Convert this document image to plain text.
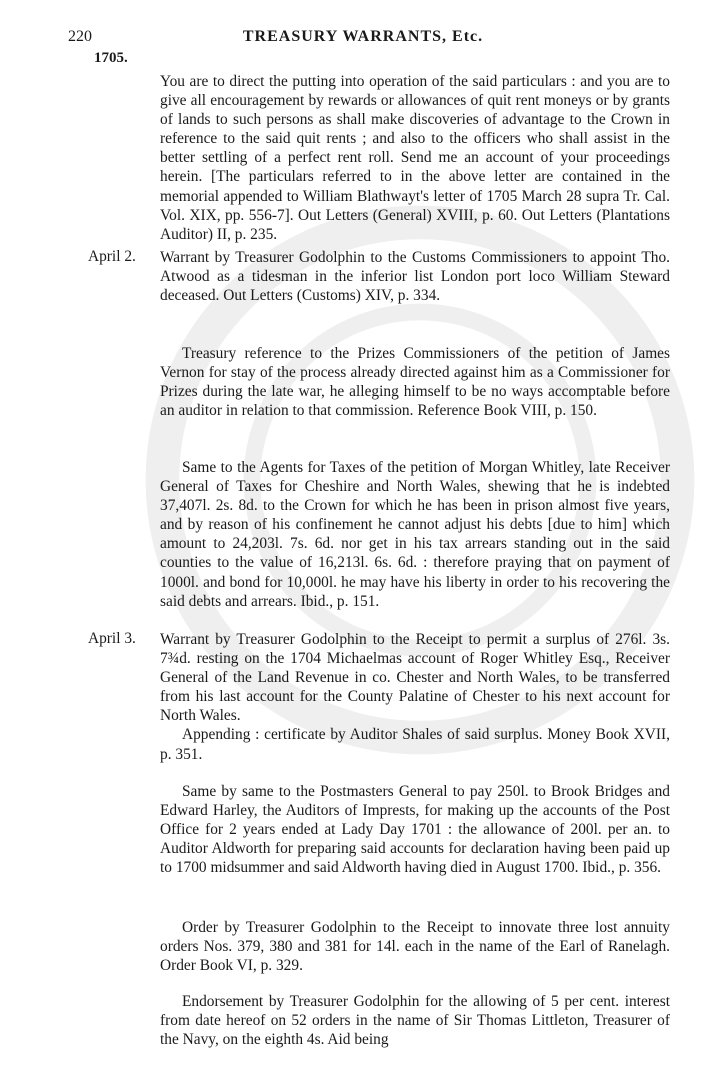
220	TREASURY WARRANTS, Etc.
1705.

You are to direct the putting into operation of the said particulars : and you are to give all encouragement by rewards or allowances of quit rent moneys or by grants of lands to such persons as shall make discoveries of advantage to the Crown in reference to the said quit rents ; and also to the officers who shall assist in the better settling of a perfect rent roll. Send me an account of your proceedings herein. [The particulars referred to in the above letter are contained in the memorial appended to William Blathwayt's letter of 1705 March 28 supra Tr. Cal. Vol. XIX, pp. 556-7]. Out Letters (General) XVIII, p. 60. Out Letters (Plantations Auditor) II, p. 235.

April 2. Warrant by Treasurer Godolphin to the Customs Commissioners to appoint Tho. Atwood as a tidesman in the inferior list London port loco William Steward deceased. Out Letters (Customs) XIV, p. 334.

Treasury reference to the Prizes Commissioners of the petition of James Vernon for stay of the process already directed against him as a Commissioner for Prizes during the late war, he alleging himself to be no ways accomptable before an auditor in relation to that commission. Reference Book VIII, p. 150.

Same to the Agents for Taxes of the petition of Morgan Whitley, late Receiver General of Taxes for Cheshire and North Wales, shewing that he is indebted 37,407l. 2s. 8d. to the Crown for which he has been in prison almost five years, and by reason of his confinement he cannot adjust his debts [due to him] which amount to 24,203l. 7s. 6d. nor get in his tax arrears standing out in the said counties to the value of 16,213l. 6s. 6d. : therefore praying that on payment of 1000l. and bond for 10,000l. he may have his liberty in order to his recovering the said debts and arrears. Ibid., p. 151.

April 3. Warrant by Treasurer Godolphin to the Receipt to permit a surplus of 276l. 3s. 7¾d. resting on the 1704 Michaelmas account of Roger Whitley Esq., Receiver General of the Land Revenue in co. Chester and North Wales, to be transferred from his last account for the County Palatine of Chester to his next account for North Wales.

Appending : certificate by Auditor Shales of said surplus. Money Book XVII, p. 351.

Same by same to the Postmasters General to pay 250l. to Brook Bridges and Edward Harley, the Auditors of Imprests, for making up the accounts of the Post Office for 2 years ended at Lady Day 1701 : the allowance of 200l. per an. to Auditor Aldworth for preparing said accounts for declaration having been paid up to 1700 midsummer and said Aldworth having died in August 1700. Ibid., p. 356.

Order by Treasurer Godolphin to the Receipt to innovate three lost annuity orders Nos. 379, 380 and 381 for 14l. each in the name of the Earl of Ranelagh. Order Book VI, p. 329.

Endorsement by Treasurer Godolphin for the allowing of 5 per cent. interest from date hereof on 52 orders in the name of Sir Thomas Littleton, Treasurer of the Navy, on the eighth 4s. Aid being
